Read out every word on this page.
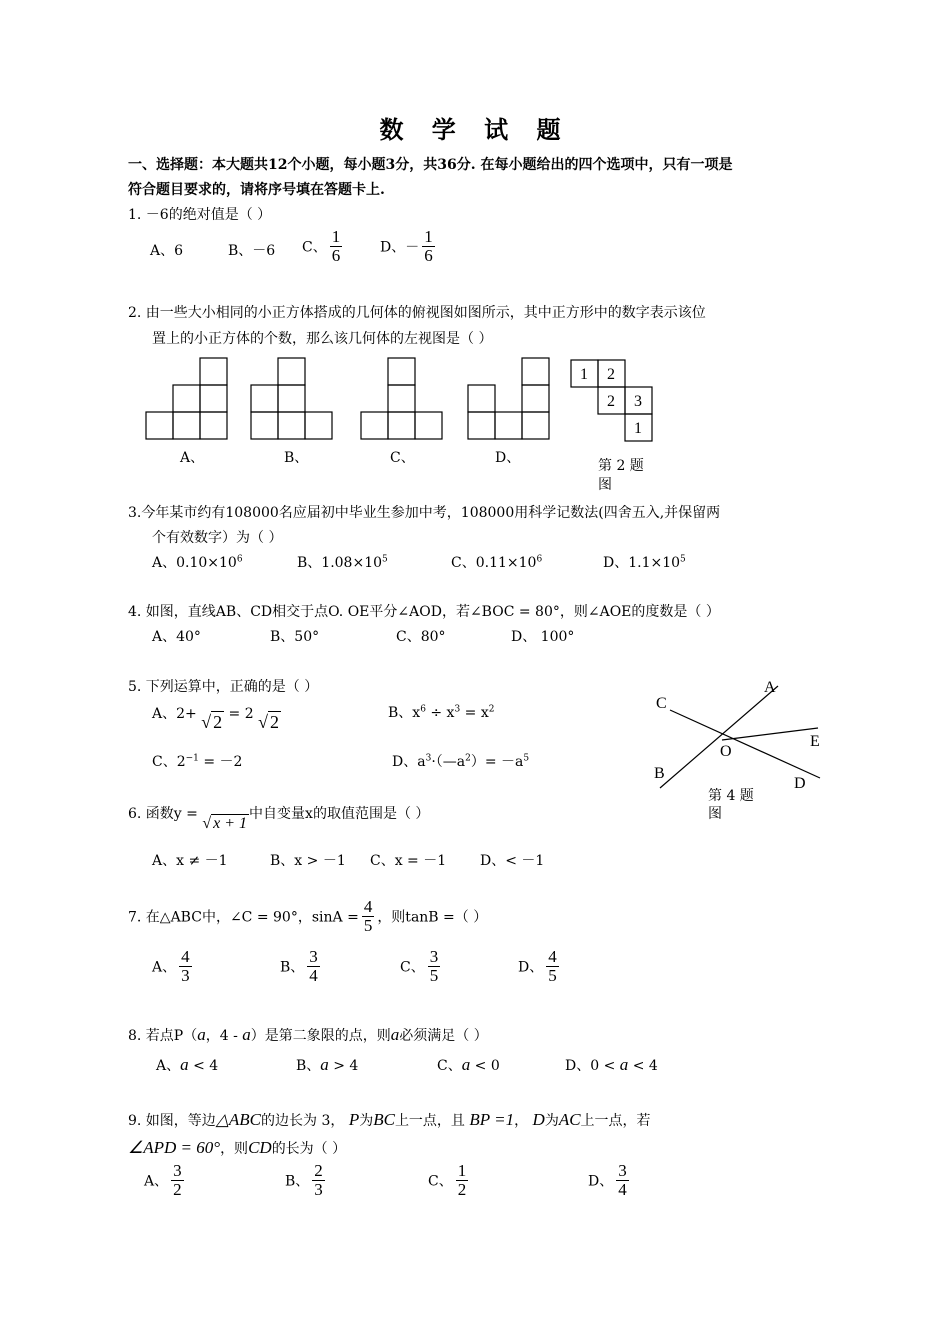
数 学 试 题
一、选择题：本大题共12个小题，每小题3分，共36分. 在每小题给出的四个选项中，只有一项是
符合题目要求的，请将序号填在答题卡上.
1. －6的绝对值是（ ）
A、6	B、－6 C、 $\frac{1}{6}$	D、－ $\frac{1}{6}$
2. 由一些大小相同的小正方体搭成的几何体的俯视图如图所示，其中正方形中的数字表示该位
置上的小正方体的个数，那么该几何体的左视图是（ ）
1 2
2 3
1
A、	B、	C、	D、	第 2 题
图
3.今年某市约有108000名应届初中毕业生参加中考，108000用科学记数法(四舍五入,并保留两
个有效数字）为（ ）
A、$0.10\times 10^6$	B、$1.08\times 10^5$	C、$0.11\times 10^6$	D、$1.1\times 10^5$
4. 如图，直线AB、CD相交于点O. OE平分∠AOD，若∠BOC = 80°，则∠AOE的度数是（ ）
A、40°	B、50°	C、80°	D、 100°
A
C
E
O
B
D
第 4 题
图
5. 下列运算中，正确的是（ ）
A、2+ √ 2 = 2 √ 2	B、$x^6 \div x^3 = x^2$
C、$2^{-1} = -2$	D、$a^3\cdot(—a^2)= -a^5$
6. 函数y = √ x + 1中自变量x的取值范围是（ ）
A、x ≠ －1	B、x > －1 C、x = －1 D、< －1
7. 在△ABC中，∠C = 90°，$\sin A = \frac{4}{5}$ ，则tanB =（ ）
A、 $\frac{4}{3}$	B、 $\frac{3}{4}$	C、 $\frac{3}{5}$	D、 $\frac{4}{5}$
8. 若点P（a，4 - a）是第二象限的点，则a必须满足（ ）
A、a < 4	B、a > 4	C、a < 0	D、0 < a < 4
9. 如图，等边△ABC的边长为 3， P为BC上一点，且 BP =1， D为AC上一点，若
∠APD = 60°，则CD的长为（ ）
A、 $\frac{3}{2}$	B、 $\frac{2}{3}$	C、 $\frac{1}{2}$	D、 $\frac{3}{4}$
